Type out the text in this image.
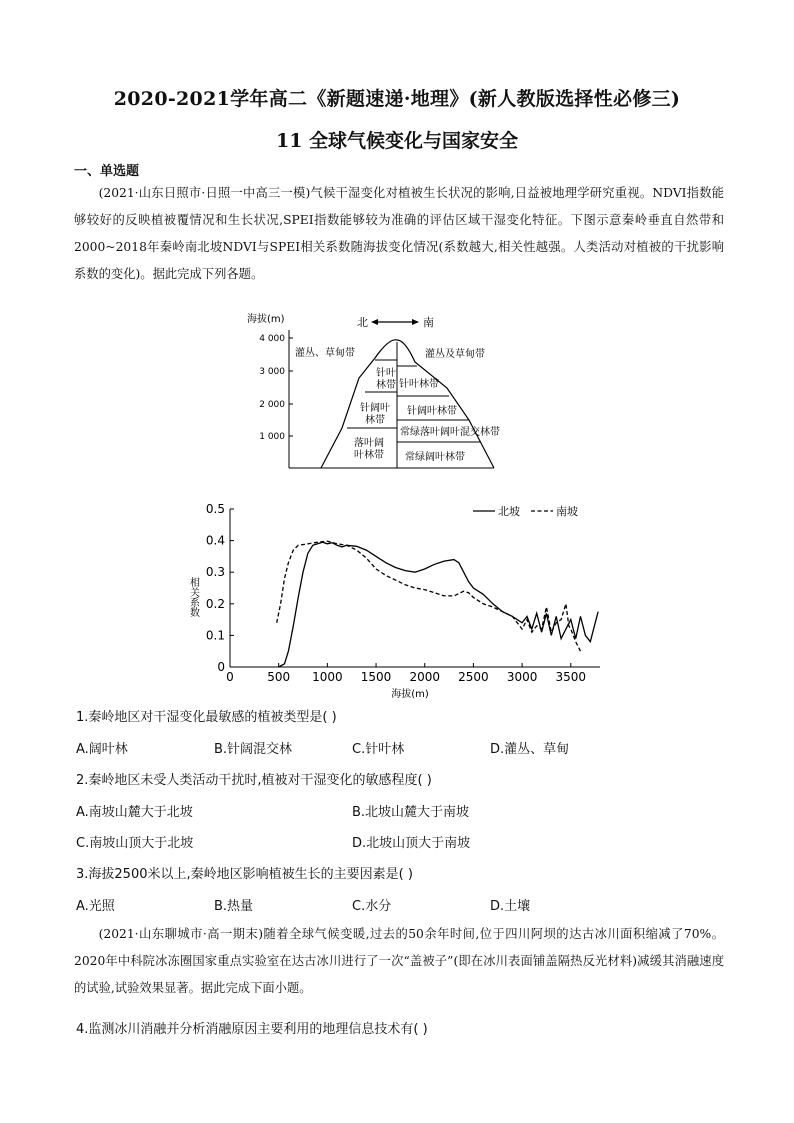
2020-2021学年高二《新题速递·地理》(新人教版选择性必修三)
11 全球气候变化与国家安全
一、单选题
(2021·山东日照市·日照一中高三一模)气候干湿变化对植被生长状况的影响,日益被地理学研究重视。NDVI指数能够较好的反映植被覆情况和生长状况,SPEI指数能够较为准确的评估区域干湿变化特征。下图示意秦岭垂直自然带和2000~2018年秦岭南北坡NDVI与SPEI相关系数随海拔变化情况(系数越大,相关性越强。人类活动对植被的干扰影响系数的变化)。据此完成下列各题。
海拔(m)
4 000
3 000
2 000
1 000
北	南
灌丛、草甸带
针叶林带
针阔叶林带
落叶阔叶林带
灌丛及草甸带
针叶林带
针阔叶林带
常绿落叶阔叶混交林带
常绿阔叶林带
0	500 1000 1500 2000 2500 3000 3500
0
0.1
0.2
0.3
0.4
0.5	北坡	南坡
海拔(m)
相关系数
1.秦岭地区对干湿变化最敏感的植被类型是( )
A.阔叶林	B.针阔混交林	C.针叶林	D.灌丛、草甸
2.秦岭地区未受人类活动干扰时,植被对干湿变化的敏感程度( )
A.南坡山麓大于北坡	B.北坡山麓大于南坡
C.南坡山顶大于北坡	D.北坡山顶大于南坡
3.海拔2500米以上,秦岭地区影响植被生长的主要因素是( )
A.光照	B.热量	C.水分	D.土壤
(2021·山东聊城市·高一期末)随着全球气候变暖,过去的50余年时间,位于四川阿坝的达古冰川面积缩减了70%。2020年中科院冰冻圈国家重点实验室在达古冰川进行了一次“盖被子”(即在冰川表面铺盖隔热反光材料)减缓其消融速度的试验,试验效果显著。据此完成下面小题。
4.监测冰川消融并分析消融原因主要利用的地理信息技术有( )
